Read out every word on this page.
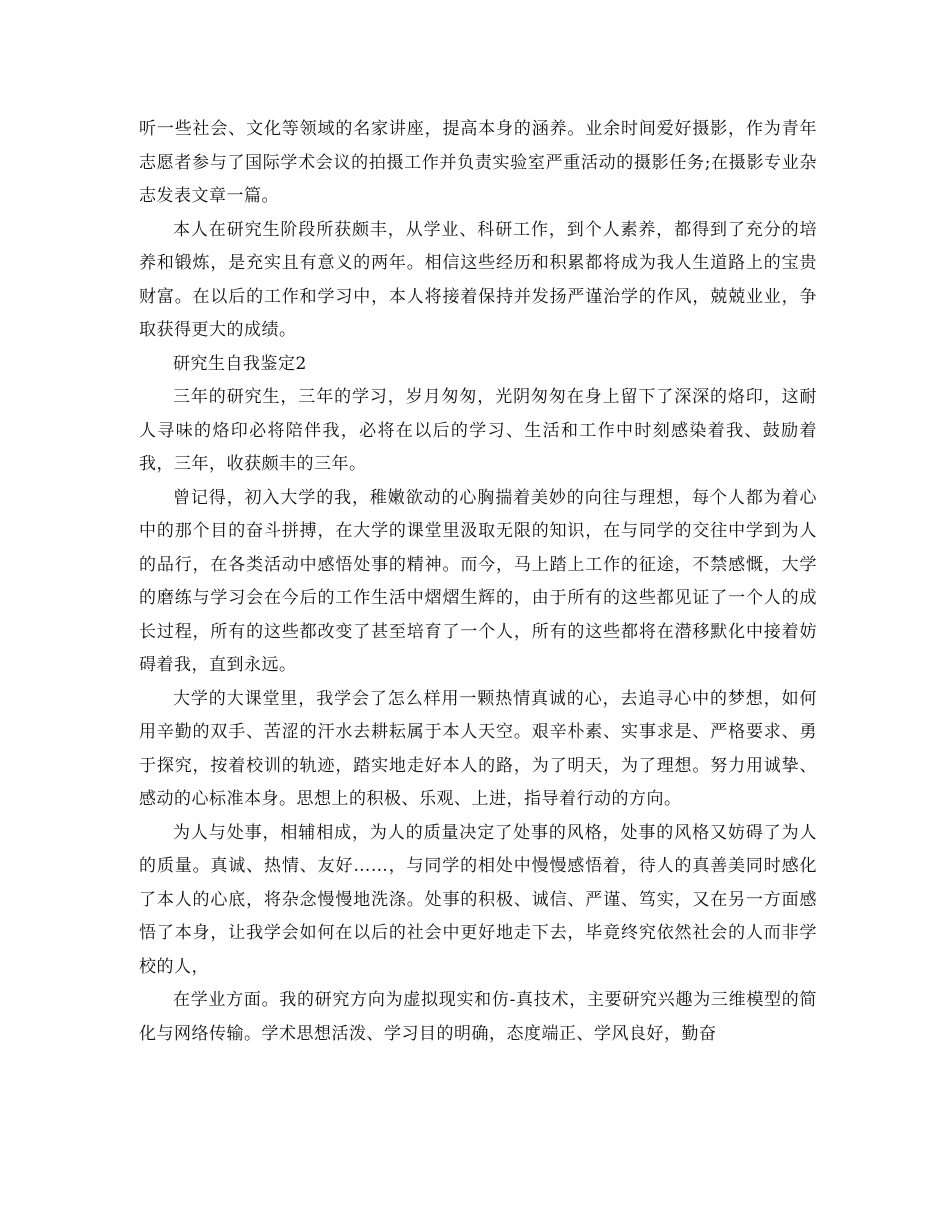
听一些社会、文化等领域的名家讲座，提高本身的涵养。业余时间爱好摄影，作为青年志愿者参与了国际学术会议的拍摄工作并负责实验室严重活动的摄影任务;在摄影专业杂志发表文章一篇。

本人在研究生阶段所获颇丰，从学业、科研工作，到个人素养，都得到了充分的培养和锻炼，是充实且有意义的两年。相信这些经历和积累都将成为我人生道路上的宝贵财富。在以后的工作和学习中，本人将接着保持并发扬严谨治学的作风，兢兢业业，争取获得更大的成绩。

研究生自我鉴定2

三年的研究生，三年的学习，岁月匆匆，光阴匆匆在身上留下了深深的烙印，这耐人寻味的烙印必将陪伴我，必将在以后的学习、生活和工作中时刻感染着我、鼓励着我，三年，收获颇丰的三年。

曾记得，初入大学的我，稚嫩欲动的心胸揣着美妙的向往与理想，每个人都为着心中的那个目的奋斗拼搏，在大学的课堂里汲取无限的知识，在与同学的交往中学到为人的品行，在各类活动中感悟处事的精神。而今，马上踏上工作的征途，不禁感慨，大学的磨练与学习会在今后的工作生活中熠熠生辉的，由于所有的这些都见证了一个人的成长过程，所有的这些都改变了甚至培育了一个人，所有的这些都将在潜移默化中接着妨碍着我，直到永远。

大学的大课堂里，我学会了怎么样用一颗热情真诚的心，去追寻心中的梦想，如何用辛勤的双手、苦涩的汗水去耕耘属于本人天空。艰辛朴素、实事求是、严格要求、勇于探究，按着校训的轨迹，踏实地走好本人的路，为了明天，为了理想。努力用诚挚、感动的心标准本身。思想上的积极、乐观、上进，指导着行动的方向。

为人与处事，相辅相成，为人的质量决定了处事的风格，处事的风格又妨碍了为人的质量。真诚、热情、友好……，与同学的相处中慢慢感悟着，待人的真善美同时感化了本人的心底，将杂念慢慢地洗涤。处事的积极、诚信、严谨、笃实，又在另一方面感悟了本身，让我学会如何在以后的社会中更好地走下去，毕竟终究依然社会的人而非学校的人，

在学业方面。我的研究方向为虚拟现实和仿-真技术，主要研究兴趣为三维模型的简化与网络传输。学术思想活泼、学习目的明确，态度端正、学风良好，勤奋
